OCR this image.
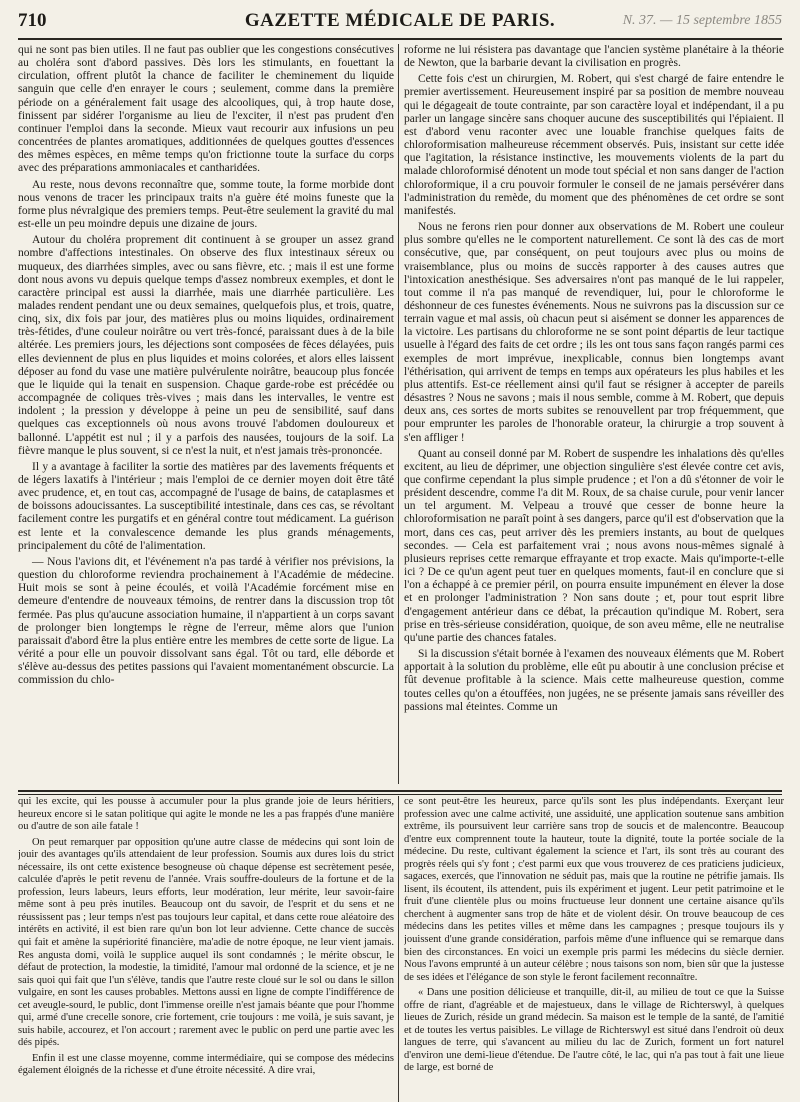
710	GAZETTE MÉDICALE DE PARIS.	N. 37. — 15 septembre 1855

qui ne sont pas bien utiles. Il ne faut pas oublier que les congestions consécutives au choléra sont d'abord passives. Dès lors les stimulants, en fouettant la circulation, offrent plutôt la chance de faciliter le cheminement du liquide sanguin que celle d'en enrayer le cours ; seulement, comme dans la première période on a généralement fait usage des alcooliques, qui, à trop haute dose, finissent par sidérer l'organisme au lieu de l'exciter, il n'est pas prudent d'en continuer l'emploi dans la seconde. Mieux vaut recourir aux infusions un peu concentrées de plantes aromatiques, additionnées de quelques gouttes d'essences des mêmes espèces, en même temps qu'on frictionne toute la surface du corps avec des préparations ammoniacales et cantharidées.

Au reste, nous devons reconnaître que, somme toute, la forme morbide dont nous venons de tracer les principaux traits n'a guère été moins funeste que la forme plus névralgique des premiers temps. Peut-être seulement la gravité du mal est-elle un peu moindre depuis une dizaine de jours.

Autour du choléra proprement dit continuent à se grouper un assez grand nombre d'affections intestinales. On observe des flux intestinaux séreux ou muqueux, des diarrhées simples, avec ou sans fièvre, etc. ; mais il est une forme dont nous avons vu depuis quelque temps d'assez nombreux exemples, et dont le caractère principal est aussi la diarrhée, mais une diarrhée particulière. Les malades rendent pendant une ou deux semaines, quelquefois plus, et trois, quatre, cinq, six, dix fois par jour, des matières plus ou moins liquides, ordinairement très-fétides, d'une couleur noirâtre ou vert très-foncé, paraissant dues à de la bile altérée. Les premiers jours, les déjections sont composées de fèces délayées, puis elles deviennent de plus en plus liquides et moins colorées, et alors elles laissent déposer au fond du vase une matière pulvérulente noirâtre, beaucoup plus foncée que le liquide qui la tenait en suspension. Chaque garde-robe est précédée ou accompagnée de coliques très-vives ; mais dans les intervalles, le ventre est indolent ; la pression y développe à peine un peu de sensibilité, sauf dans quelques cas exceptionnels où nous avons trouvé l'abdomen douloureux et ballonné. L'appétit est nul ; il y a parfois des nausées, toujours de la soif. La fièvre manque le plus souvent, si ce n'est la nuit, et n'est jamais très-prononcée.

Il y a avantage à faciliter la sortie des matières par des lavements fréquents et de légers laxatifs à l'intérieur ; mais l'emploi de ce dernier moyen doit être tâté avec prudence, et, en tout cas, accompagné de l'usage de bains, de cataplasmes et de boissons adoucissantes. La susceptibilité intestinale, dans ces cas, se révoltant facilement contre les purgatifs et en général contre tout médicament. La guérison est lente et la convalescence demande les plus grands ménagements, principalement du côté de l'alimentation.

— Nous l'avions dit, et l'événement n'a pas tardé à vérifier nos prévisions, la question du chloroforme reviendra prochainement à l'Académie de médecine. Huit mois se sont à peine écoulés, et voilà l'Académie forcément mise en demeure d'entendre de nouveaux témoins, de rentrer dans la discussion trop tôt fermée. Pas plus qu'aucune association humaine, il n'appartient à un corps savant de prolonger bien longtemps le règne de l'erreur, même alors que l'union paraissait d'abord être la plus entière entre les membres de cette sorte de ligue. La vérité a pour elle un pouvoir dissolvant sans égal. Tôt ou tard, elle déborde et s'élève au-dessus des petites passions qui l'avaient momentanément obscurcie. La commission du chlo-

roforme ne lui résistera pas davantage que l'ancien système planétaire à la théorie de Newton, que la barbarie devant la civilisation en progrès.

Cette fois c'est un chirurgien, M. Robert, qui s'est chargé de faire entendre le premier avertissement. Heureusement inspiré par sa position de membre nouveau qui le dégageait de toute contrainte, par son caractère loyal et indépendant, il a pu parler un langage sincère sans choquer aucune des susceptibilités qui l'épiaient. Il est d'abord venu raconter avec une louable franchise quelques faits de chloroformisation malheureuse récemment observés. Puis, insistant sur cette idée que l'agitation, la résistance instinctive, les mouvements violents de la part du malade chloroformisé dénotent un mode tout spécial et non sans danger de l'action chloroformique, il a cru pouvoir formuler le conseil de ne jamais persévérer dans l'administration du remède, du moment que des phénomènes de cet ordre se sont manifestés.

Nous ne ferons rien pour donner aux observations de M. Robert une couleur plus sombre qu'elles ne le comportent naturellement. Ce sont là des cas de mort consécutive, que, par conséquent, on peut toujours avec plus ou moins de vraisemblance, plus ou moins de succès rapporter à des causes autres que l'intoxication anesthésique. Ses adversaires n'ont pas manqué de le lui rappeler, tout comme il n'a pas manqué de revendiquer, lui, pour le chloroforme le déshonneur de ces funestes événements. Nous ne suivrons pas la discussion sur ce terrain vague et mal assis, où chacun peut si aisément se donner les apparences de la victoire. Les partisans du chloroforme ne se sont point départis de leur tactique usuelle à l'égard des faits de cet ordre ; ils les ont tous sans façon rangés parmi ces exemples de mort imprévue, inexplicable, connus bien longtemps avant l'éthérisation, qui arrivent de temps en temps aux opérateurs les plus habiles et les plus attentifs. Est-ce réellement ainsi qu'il faut se résigner à accepter de pareils désastres ? Nous ne savons ; mais il nous semble, comme à M. Robert, que depuis deux ans, ces sortes de morts subites se renouvellent par trop fréquemment, que pour emprunter les paroles de l'honorable orateur, la chirurgie a trop souvent à s'en affliger !

Quant au conseil donné par M. Robert de suspendre les inhalations dès qu'elles excitent, au lieu de déprimer, une objection singulière s'est élevée contre cet avis, que confirme cependant la plus simple prudence ; et l'on a dû s'étonner de voir le président descendre, comme l'a dit M. Roux, de sa chaise curule, pour venir lancer un tel argument. M. Velpeau a trouvé que cesser de bonne heure la chloroformisation ne paraît point à ses dangers, parce qu'il est d'observation que la mort, dans ces cas, peut arriver dès les premiers instants, au bout de quelques secondes. — Cela est parfaitement vrai ; nous avons nous-mêmes signalé à plusieurs reprises cette remarque effrayante et trop exacte. Mais qu'importe-t-elle ici ? De ce qu'un agent peut tuer en quelques moments, faut-il en conclure que si l'on a échappé à ce premier péril, on pourra ensuite impunément en élever la dose et en prolonger l'administration ? Non sans doute ; et, pour tout esprit libre d'engagement antérieur dans ce débat, la précaution qu'indique M. Robert, sera prise en très-sérieuse considération, quoique, de son aveu même, elle ne neutralise qu'une partie des chances fatales.

Si la discussion s'était bornée à l'examen des nouveaux éléments que M. Robert apportait à la solution du problème, elle eût pu aboutir à une conclusion précise et fût devenue profitable à la science. Mais cette malheureuse question, comme toutes celles qu'on a étouffées, non jugées, ne se présente jamais sans réveiller des passions mal éteintes. Comme un

qui les excite, qui les pousse à accumuler pour la plus grande joie de leurs héritiers, heureux encore si le satan politique qui agite le monde ne les a pas frappés d'une manière ou d'autre de son aile fatale !

On peut remarquer par opposition qu'une autre classe de médecins qui sont loin de jouir des avantages qu'ils attendaient de leur profession. Soumis aux dures lois du strict nécessaire, ils ont cette existence besogneuse où chaque dépense est secrètement pesée, calculée d'après le petit revenu de l'année. Vrais souffre-douleurs de la fortune et de la profession, leurs labeurs, leurs efforts, leur modération, leur mérite, leur savoir-faire même sont à peu près inutiles. Beaucoup ont du savoir, de l'esprit et du sens et ne réussissent pas ; leur temps n'est pas toujours leur capital, et dans cette roue aléatoire des intérêts en activité, il est bien rare qu'un bon lot leur advienne. Cette chance de succès qui fait et amène la supériorité financière, ma'adie de notre époque, ne leur vient jamais. Res angusta domi, voilà le supplice auquel ils sont condamnés ; le mérite obscur, le défaut de protection, la modestie, la timidité, l'amour mal ordonné de la science, et je ne sais quoi qui fait que l'un s'élève, tandis que l'autre reste cloué sur le sol ou dans le sillon vulgaire, en sont les causes probables. Mettons aussi en ligne de compte l'indifférence de cet aveugle-sourd, le public, dont l'immense oreille n'est jamais béante que pour l'homme qui, armé d'une crecelle sonore, crie fortement, crie toujours : me voilà, je suis savant, je suis habile, accourez, et l'on accourt ; rarement avec le public on perd une partie avec les dés pipés.

Enfin il est une classe moyenne, comme intermédiaire, qui se compose des médecins également éloignés de la richesse et d'une étroite nécessité. A dire vrai,

ce sont peut-être les heureux, parce qu'ils sont les plus indépendants. Exerçant leur profession avec une calme activité, une assiduité, une application soutenue sans ambition extrême, ils poursuivent leur carrière sans trop de soucis et de malencontre. Beaucoup d'entre eux comprennent toute la hauteur, toute la dignité, toute la portée sociale de la médecine. Du reste, cultivant également la science et l'art, ils sont très au courant des progrès réels qui s'y font ; c'est parmi eux que vous trouverez de ces praticiens judicieux, sagaces, exercés, que l'innovation ne séduit pas, mais que la routine ne pétrifie jamais. Ils lisent, ils écoutent, ils attendent, puis ils expériment et jugent. Leur petit patrimoine et le fruit d'une clientèle plus ou moins fructueuse leur donnent une certaine aisance qu'ils cherchent à augmenter sans trop de hâte et de violent désir. On trouve beaucoup de ces médecins dans les petites villes et même dans les campagnes ; presque toujours ils y jouissent d'une grande considération, parfois même d'une influence qui se remarque dans bien des circonstances. En voici un exemple pris parmi les médecins du siècle dernier. Nous l'avons emprunté à un auteur célèbre ; nous taisons son nom, bien sûr que la justesse de ses idées et l'élégance de son style le feront facilement reconnaître.

« Dans une position délicieuse et tranquille, dit-il, au milieu de tout ce que la Suisse offre de riant, d'agréable et de majestueux, dans le village de Richterswyl, à quelques lieues de Zurich, réside un grand médecin. Sa maison est le temple de la santé, de l'amitié et de toutes les vertus paisibles. Le village de Richterswyl est situé dans l'endroit où deux langues de terre, qui s'avancent au milieu du lac de Zurich, forment un fort naturel d'environ une demi-lieue d'étendue. De l'autre côté, le lac, qui n'a pas tout à fait une lieue de large, est borné de
